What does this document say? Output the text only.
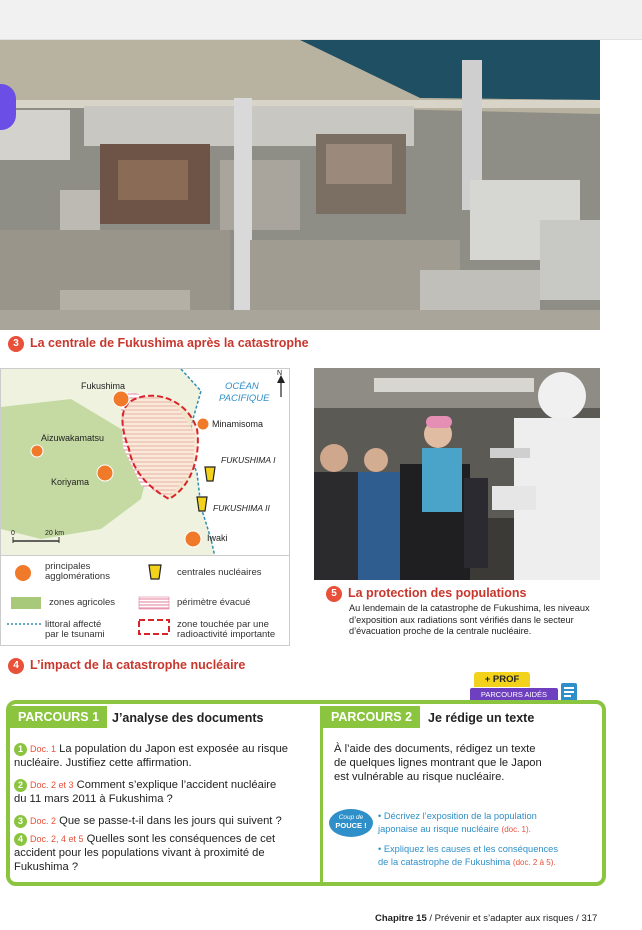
3 La centrale de Fukushima après la catastrophe
Fukushima	OCÉAN
PACIFIQUE
N
Minamisoma
Aizuwakamatsu
FUKUSHIMA I
Koriyama
FUKUSHIMA II
Iwaki
0	20 km
principales
agglomérations	centrales nucléaires
zones agricoles	périmètre évacué
littoral affecté
par le tsunami
zone touchée par une
radioactivité importante
4 L’impact de la catastrophe nucléaire
5 La protection des populations
Au lendemain de la catastrophe de Fukushima, les niveaux d’exposition aux radiations sont vérifiés dans le secteur d’évacuation proche de la centrale nucléaire.
+ PROF
PARCOURS AIDÉS
PARCOURS 1	J’analyse des documents	PARCOURS 2	Je rédige un texte
1 Doc. 1 La population du Japon est exposée au risque
nucléaire. Justifiez cette affirmation.
2 Doc. 2 et 3 Comment s’explique l’accident nucléaire
du 11 mars 2011 à Fukushima ?
3 Doc. 2 Que se passe-t-il dans les jours qui suivent ?
4 Doc. 2, 4 et 5 Quelles sont les conséquences de cet
accident pour les populations vivant à proximité de
Fukushima ?
À l’aide des documents, rédigez un texte
de quelques lignes montrant que le Japon
est vulnérable au risque nucléaire.
Coup de
POUCE !
• Décrivez l’exposition de la population
japonaise au risque nucléaire (doc. 1).
• Expliquez les causes et les conséquences
de la catastrophe de Fukushima (doc. 2 à 5).
Chapitre 15 / Prévenir et s’adapter aux risques / 317
